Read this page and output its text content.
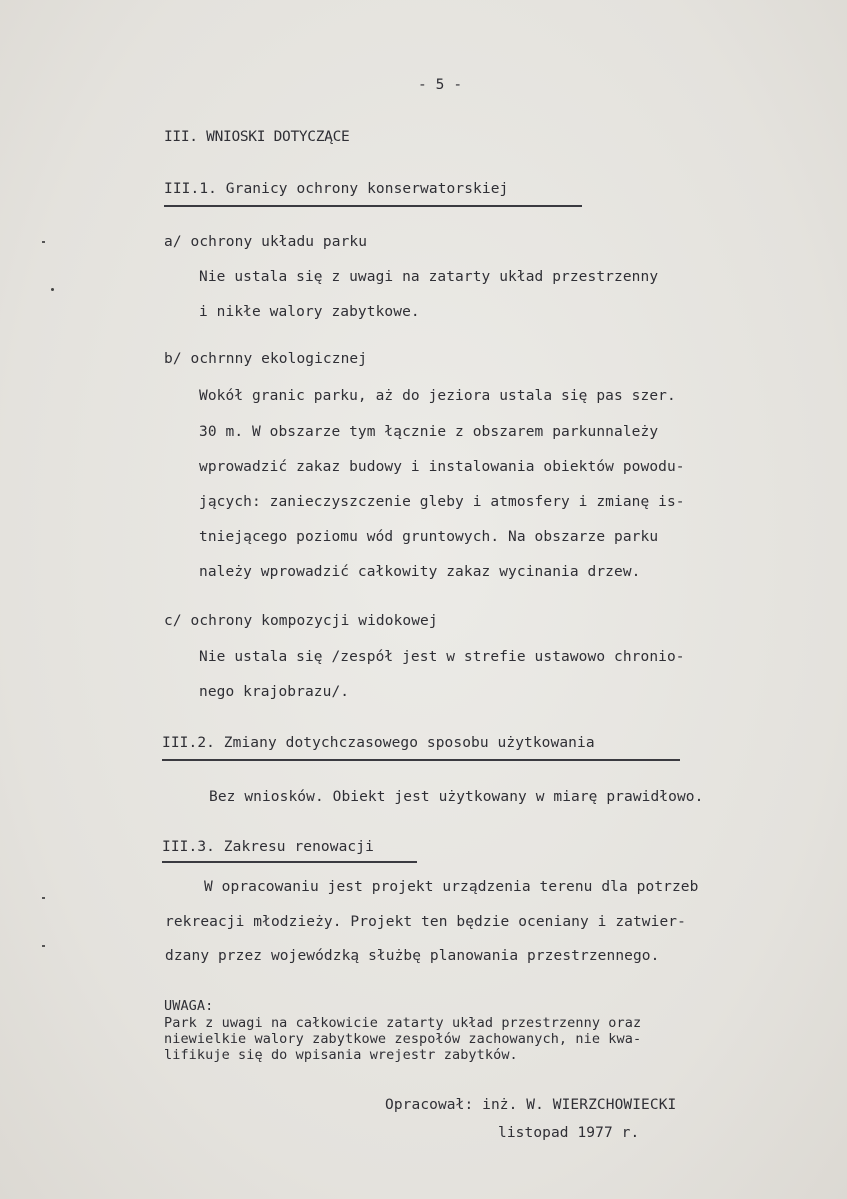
- 5 -
III. WNIOSKI DOTYCZĄCE
III.1. Granicy ochrony konserwatorskiej
a/ ochrony układu parku
Nie ustala się z uwagi na zatarty układ przestrzenny
i nikłe walory zabytkowe.
b/ ochrnny ekologicznej
Wokół granic parku, aż do jeziora ustala się pas szer.
30 m. W obszarze tym łącznie z obszarem parkunnależy
wprowadzić zakaz budowy i instalowania obiektów powodu-
jących: zanieczyszczenie gleby i atmosfery i zmianę is-
tniejącego poziomu wód gruntowych. Na obszarze parku
należy wprowadzić całkowity zakaz wycinania drzew.
c/ ochrony kompozycji widokowej
Nie ustala się /zespół jest w strefie ustawowo chronio-
nego krajobrazu/.
III.2. Zmiany dotychczasowego sposobu użytkowania
Bez wniosków. Obiekt jest użytkowany w miarę prawidłowo.
III.3. Zakresu renowacji
W opracowaniu jest projekt urządzenia terenu dla potrzeb
rekreacji młodzieży. Projekt ten będzie oceniany i zatwier-
dzany przez wojewódzką służbę planowania przestrzennego.
UWAGA:
Park z uwagi na całkowicie zatarty układ przestrzenny oraz
niewielkie walory zabytkowe zespołów zachowanych, nie kwa-
lifikuje się do wpisania wrejestr zabytków.
Opracował: inż. W. WIERZCHOWIECKI
listopad 1977 r.
